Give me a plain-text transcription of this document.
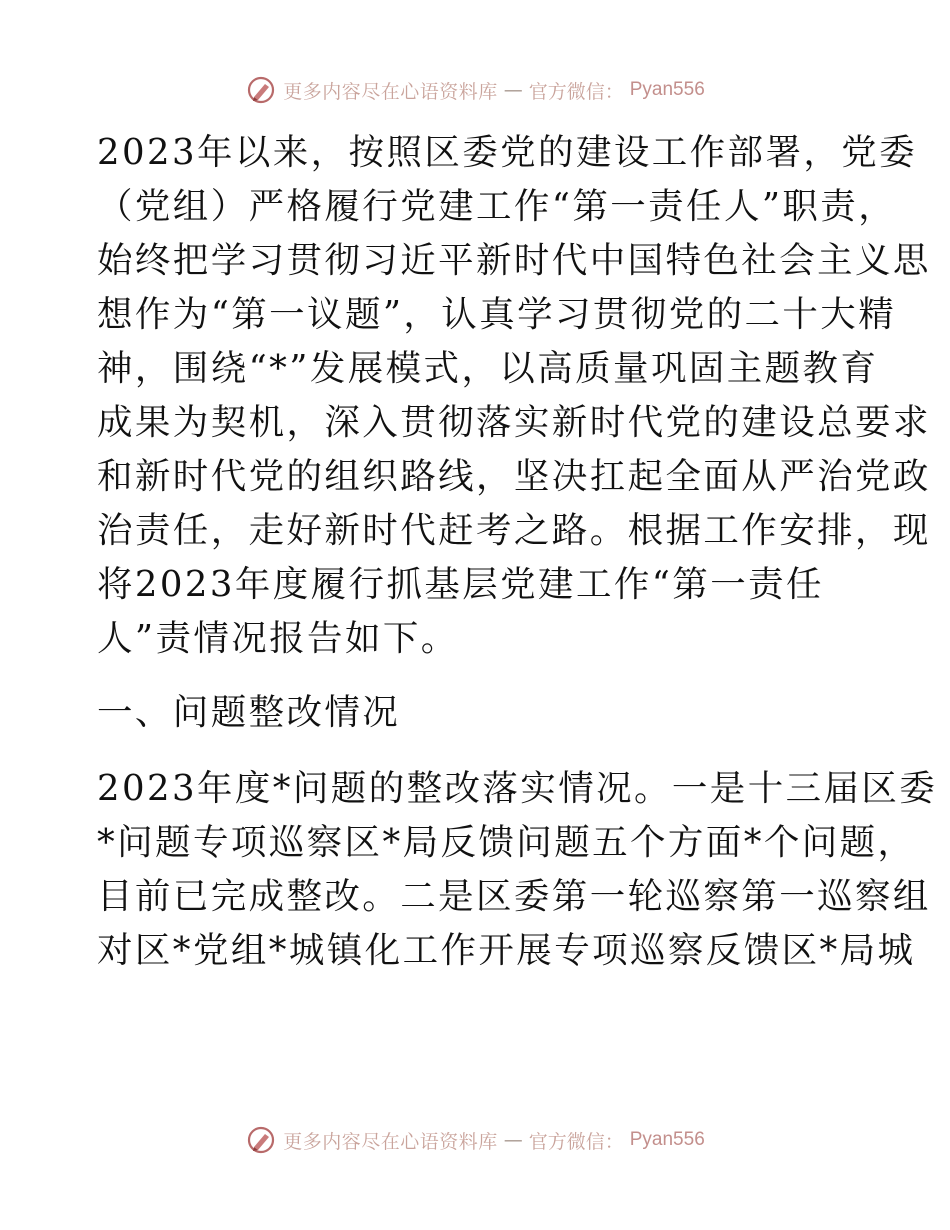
更多内容尽在心语资料库 — 官方微信： Pyan556
2023年以来，按照区委党的建设工作部署，党委
（党组）严格履行党建工作“第一责任人”职责，
始终把学习贯彻习近平新时代中国特色社会主义思
想作为“第一议题”，认真学习贯彻党的二十大精
神，围绕“*”发展模式，以高质量巩固主题教育
成果为契机，深入贯彻落实新时代党的建设总要求
和新时代党的组织路线，坚决扛起全面从严治党政
治责任，走好新时代赶考之路。根据工作安排，现
将2023年度履行抓基层党建工作“第一责任
人”责情况报告如下。
一、问题整改情况
2023年度*问题的整改落实情况。一是十三届区委
*问题专项巡察区*局反馈问题五个方面*个问题，
目前已完成整改。二是区委第一轮巡察第一巡察组
对区*党组*城镇化工作开展专项巡察反馈区*局城
更多内容尽在心语资料库 — 官方微信： Pyan556
